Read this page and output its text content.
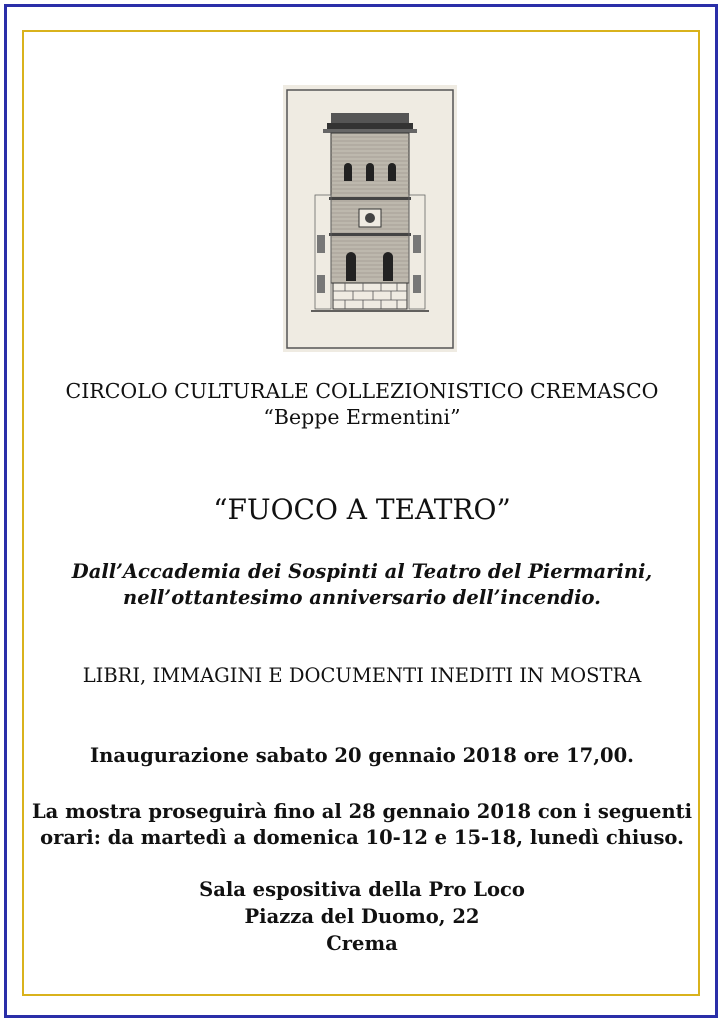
CIRCOLO CULTURALE COLLEZIONISTICO CREMASCO
“Beppe Ermentini”
“FUOCO A TEATRO”
Dall’Accademia dei Sospinti al Teatro del Piermarini,
nell’ottantesimo anniversario dell’incendio.
LIBRI, IMMAGINI E DOCUMENTI INEDITI IN MOSTRA
Inaugurazione sabato 20 gennaio 2018 ore 17,00.
La mostra proseguirà fino al 28 gennaio 2018 con i seguenti
orari: da martedì a domenica 10-12 e 15-18, lunedì chiuso.
Sala espositiva della Pro Loco
Piazza del Duomo, 22
Crema
